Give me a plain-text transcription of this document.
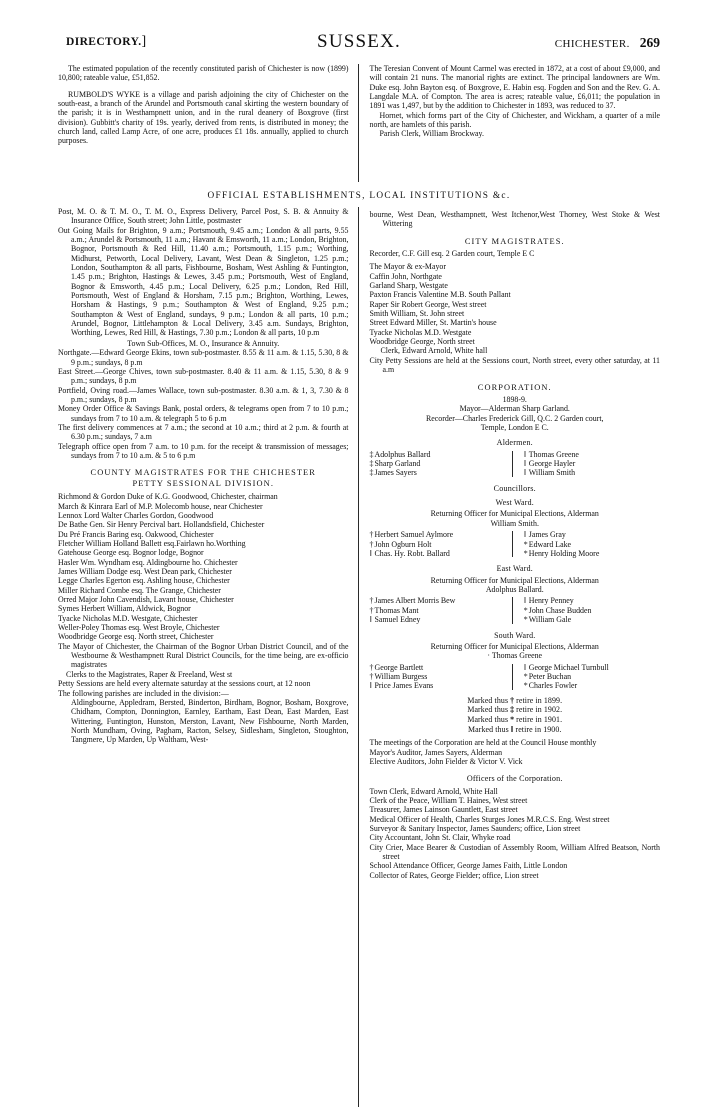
DIRECTORY.]	SUSSEX.	CHICHESTER. 269

The estimated population of the recently constituted parish of Chichester is now (1899) 10,800; rateable value, £51,852.

RUMBOLD'S WYKE is a village and parish adjoining the city of Chichester on the south-east, a branch of the Arundel and Portsmouth canal skirting the western boundary of the parish; it is in Westhampnett union, and in the rural deanery of Boxgrove (first division). Gubbitt's charity of 19s. yearly, derived from rents, is distributed in money; the church land, called Lamp Acre, of one acre, produces £1 18s. annually, applied to church purposes.

The Teresian Convent of Mount Carmel was erected in 1872, at a cost of about £9,000, and will contain 21 nuns. The manorial rights are extinct. The principal landowners are Wm. Duke esq. John Bayton esq. of Boxgrove, E. Habin esq. Fogden and Son and the Rev. G. A. Langdale M.A. of Compton. The area is acres; rateable value, £6,011; the population in 1891 was 1,497, but by the addition to Chichester in 1893, was reduced to 37.

Hornet, which forms part of the City of Chichester, and Wickham, a quarter of a mile north, are hamlets of this parish.

Parish Clerk, William Brockway.

OFFICIAL ESTABLISHMENTS, LOCAL INSTITUTIONS &c.

Post, M. O. & T. M. O., T. M. O., Express Delivery, Parcel Post, S. B. & Annuity & Insurance Office, South street; John Little, postmaster

Out Going Mails for Brighton, 9 a.m.; Portsmouth, 9.45 a.m.; London & all parts, 9.55 a.m.; Arundel & Portsmouth, 11 a.m.; Havant & Emsworth, 11 a.m.; London, Brighton, Bognor, Portsmouth & Red Hill, 11.40 a.m.; Portsmouth, 1.15 p.m.; Worthing, Midhurst, Petworth, Local Delivery, Lavant, West Dean & Singleton, 1.25 p.m.; London, Southampton & all parts, Fishbourne, Bosham, West Ashling & Funtington, 1.45 p.m.; Brighton, Hastings & Lewes, 3.45 p.m.; Portsmouth, West of England, Bognor & Emsworth, 4.45 p.m.; Local Delivery, 6.25 p.m.; London, Red Hill, Portsmouth, West of England & Horsham, 7.15 p.m.; Brighton, Worthing, Lewes, Horsham & Hastings, 9 p.m.; Southampton & West of England, 9.25 p.m.; Southampton & West of England, sundays, 9 p.m.; London & all parts, 10 p.m.; Arundel, Bognor, Littlehampton & Local Delivery, 3.45 a.m. Sundays, Brighton, Worthing, Lewes, Red Hill, & Hastings, 7.30 p.m.; London & all parts, 10 p.m

Town Sub-Offices, M. O., Insurance & Annuity.

Northgate.—Edward George Ekins, town sub-postmaster. 8.55 & 11 a.m. & 1.15, 5.30, 8 & 9 p.m.; sundays, 8 p.m

East Street.—George Chives, town sub-postmaster. 8.40 & 11 a.m. & 1.15, 5.30, 8 & 9 p.m.; sundays, 8 p.m

Portfield, Oving road.—James Wallace, town sub-postmaster. 8.30 a.m. & 1, 3, 7.30 & 8 p.m.; sundays, 8 p.m

Money Order Office & Savings Bank, postal orders, & telegrams open from 7 to 10 p.m.; sundays from 7 to 10 a.m. & telegraph 5 to 6 p.m

The first delivery commences at 7 a.m.; the second at 10 a.m.; third at 2 p.m. & fourth at 6.30 p.m.; sundays, 7 a.m

Telegraph office open from 7 a.m. to 10 p.m. for the receipt & transmission of messages; sundays from 7 to 10 a.m. & 5 to 6 p.m

COUNTY MAGISTRATES FOR THE CHICHESTER
PETTY SESSIONAL DIVISION.

Richmond & Gordon Duke of K.G. Goodwood, Chichester, chairman

March & Kinrara Earl of M.P. Molecomb house, near Chichester

Lennox Lord Walter Charles Gordon, Goodwood

De Bathe Gen. Sir Henry Percival bart. Hollandsfield, Chichester

Du Pré Francis Baring esq. Oakwood, Chichester

Fletcher William Holland Ballett esq.Fairlawn ho.Worthing

Gatehouse George esq. Bognor lodge, Bognor

Hasler Wm. Wyndham esq. Aldingbourne ho. Chichester

James William Dodge esq. West Dean park, Chichester

Legge Charles Egerton esq. Ashling house, Chichester

Miller Richard Combe esq. The Grange, Chichester

Orred Major John Cavendish, Lavant house, Chichester

Symes Herbert William, Aldwick, Bognor

Tyacke Nicholas M.D. Westgate, Chichester

Weller-Poley Thomas esq. West Broyle, Chichester

Woodbridge George esq. North street, Chichester

The Mayor of Chichester, the Chairman of the Bognor Urban District Council, and of the Westbourne & Westhampnett Rural District Councils, for the time being, are ex-officio magistrates

Clerks to the Magistrates, Raper & Freeland, West st

Petty Sessions are held every alternate saturday at the sessions court, at 12 noon

The following parishes are included in the division:—

Aldingbourne, Appledram, Bersted, Binderton, Birdham, Bognor, Bosham, Boxgrove, Chidham, Compton, Donnington, Earnley, Eartham, East Dean, East Marden, East Wittering, Funtington, Hunston, Merston, Lavant, New Fishbourne, North Marden, North Mundham, Oving, Pagham, Racton, Selsey, Sidlesham, Singleton, Stoughton, Tangmere, Up Marden, Up Waltham, West-

bourne, West Dean, Westhampnett, West Itchenor,West Thorney, West Stoke & West Wittering

CITY MAGISTRATES.

Recorder, C.F. Gill esq. 2 Garden court, Temple E C

The Mayor & ex-Mayor

Caffin John, Northgate

Garland Sharp, Westgate

Paxton Francis Valentine M.B. South Pallant

Raper Sir Robert George, West street

Smith William, St. John street

Street Edward Miller, St. Martin's house

Tyacke Nicholas M.D. Westgate

Woodbridge George, North street

Clerk, Edward Arnold, White hall

City Petty Sessions are held at the Sessions court, North street, every other saturday, at 11 a.m

CORPORATION.

1898-9.

Mayor—Alderman Sharp Garland.

Recorder—Charles Frederick Gill, Q.C. 2 Garden court,

Temple, London E C.

Aldermen.
‡Adolphus Ballard
‡Sharp Garland
‡James Sayers
‖ Thomas Greene
‖ George Hayler
‖ William Smith
Councillors.
West Ward.

Returning Officer for Municipal Elections, Alderman

William Smith.

†Herbert Samuel Aylmore
†John Ogburn Holt
‖ Chas. Hy. Robt. Ballard
‖ James Gray
*Edward Lake
*Henry Holding Moore
East Ward.

Returning Officer for Municipal Elections, Alderman

Adolphus Ballard.

†James Albert Morris Bew
†Thomas Mant
‖ Samuel Edney
‖ Henry Penney
*John Chase Budden
*William Gale
South Ward.

Returning Officer for Municipal Elections, Alderman

· Thomas Greene

†George Bartlett
†William Burgess
‖ Price James Evans
‖ George Michael Turnbull
*Peter Buchan
*Charles Fowler
Marked thus † retire in 1899.
Marked thus ‡ retire in 1902.
Marked thus * retire in 1901.
Marked thus ‖ retire in 1900.

The meetings of the Corporation are held at the Council House monthly

Mayor's Auditor, James Sayers, Alderman

Elective Auditors, John Fielder & Victor V. Vick

Officers of the Corporation.

Town Clerk, Edward Arnold, White Hall

Clerk of the Peace, William T. Haines, West street

Treasurer, James Lainson Gauntlett, East street

Medical Officer of Health, Charles Sturges Jones M.R.C.S. Eng. West street

Surveyor & Sanitary Inspector, James Saunders; office, Lion street

City Accountant, John St. Clair, Whyke road

City Crier, Mace Bearer & Custodian of Assembly Room, William Alfred Beatson, North street

School Attendance Officer, George James Faith, Little London

Collector of Rates, George Fielder; office, Lion street
